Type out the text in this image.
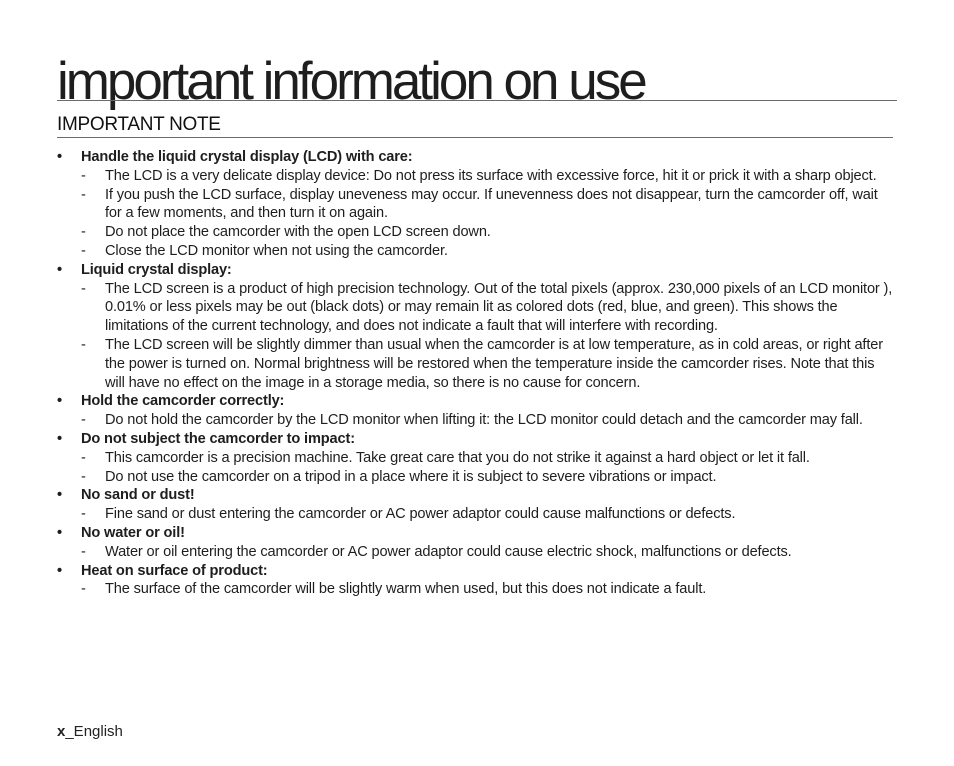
important information on use
IMPORTANT NOTE
•	Handle the liquid crystal display (LCD) with care:
- The LCD is a very delicate display device: Do not press its surface with excessive force, hit it or prick it with a sharp object.
- If you push the LCD surface, display uneveness may occur. If unevenness does not disappear, turn the camcorder off, wait for a few moments, and then turn it on again.
- Do not place the camcorder with the open LCD screen down.
- Close the LCD monitor when not using the camcorder.
•	Liquid crystal display:
- The LCD screen is a product of high precision technology. Out of the total pixels (approx. 230,000 pixels of an LCD monitor ), 0.01% or less pixels may be out (black dots) or may remain lit as colored dots (red, blue, and green). This shows the limitations of the current technology, and does not indicate a fault that will interfere with recording.
- The LCD screen will be slightly dimmer than usual when the camcorder is at low temperature, as in cold areas, or right after the power is turned on. Normal brightness will be restored when the temperature inside the camcorder rises. Note that this will have no effect on the image in a storage media, so there is no cause for concern.
•	Hold the camcorder correctly:
- Do not hold the camcorder by the LCD monitor when lifting it: the LCD monitor could detach and the camcorder may fall.
•	Do not subject the camcorder to impact:
- This camcorder is a precision machine. Take great care that you do not strike it against a hard object or let it fall.
- Do not use the camcorder on a tripod in a place where it is subject to severe vibrations or impact.
•	No sand or dust!
- Fine sand or dust entering the camcorder or AC power adaptor could cause malfunctions or defects.
•	No water or oil!
- Water or oil entering the camcorder or AC power adaptor could cause electric shock, malfunctions or defects.
•	Heat on surface of product:
- The surface of the camcorder will be slightly warm when used, but this does not indicate a fault.
x_English
